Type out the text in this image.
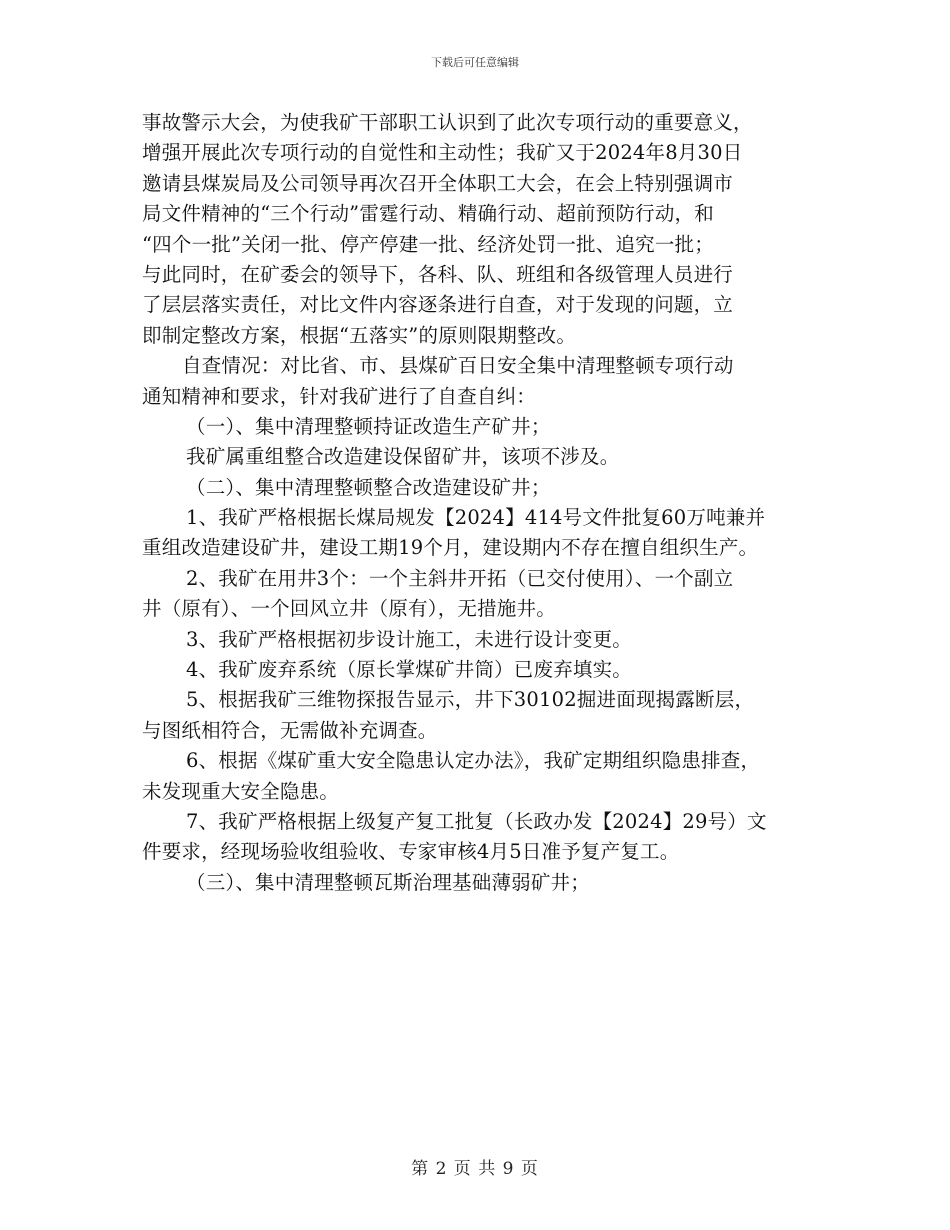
下载后可任意编辑
事故警示大会，为使我矿干部职工认识到了此次专项行动的重要意义，
增强开展此次专项行动的自觉性和主动性；我矿又于2024年8月30日
邀请县煤炭局及公司领导再次召开全体职工大会，在会上特别强调市
局文件精神的“三个行动”雷霆行动、精确行动、超前预防行动，和
“四个一批”关闭一批、停产停建一批、经济处罚一批、追究一批；
与此同时，在矿委会的领导下，各科、队、班组和各级管理人员进行
了层层落实责任，对比文件内容逐条进行自查，对于发现的问题，立
即制定整改方案，根据“五落实”的原则限期整改。
自查情况：对比省、市、县煤矿百日安全集中清理整顿专项行动
通知精神和要求，针对我矿进行了自查自纠：
（一）、集中清理整顿持证改造生产矿井；
我矿属重组整合改造建设保留矿井，该项不涉及。
（二）、集中清理整顿整合改造建设矿井；
1、我矿严格根据长煤局规发【2024】414号文件批复60万吨兼并
重组改造建设矿井，建设工期19个月，建设期内不存在擅自组织生产。
2、我矿在用井3个：一个主斜井开拓（已交付使用）、一个副立
井（原有）、一个回风立井（原有），无措施井。
3、我矿严格根据初步设计施工，未进行设计变更。
4、我矿废弃系统（原长掌煤矿井筒）已废弃填实。
5、根据我矿三维物探报告显示，井下30102掘进面现揭露断层，
与图纸相符合，无需做补充调查。
6、根据《煤矿重大安全隐患认定办法》，我矿定期组织隐患排查，
未发现重大安全隐患。
7、我矿严格根据上级复产复工批复（长政办发【2024】29号）文
件要求，经现场验收组验收、专家审核4月5日准予复产复工。
（三）、集中清理整顿瓦斯治理基础薄弱矿井；
第 2 页 共 9 页
